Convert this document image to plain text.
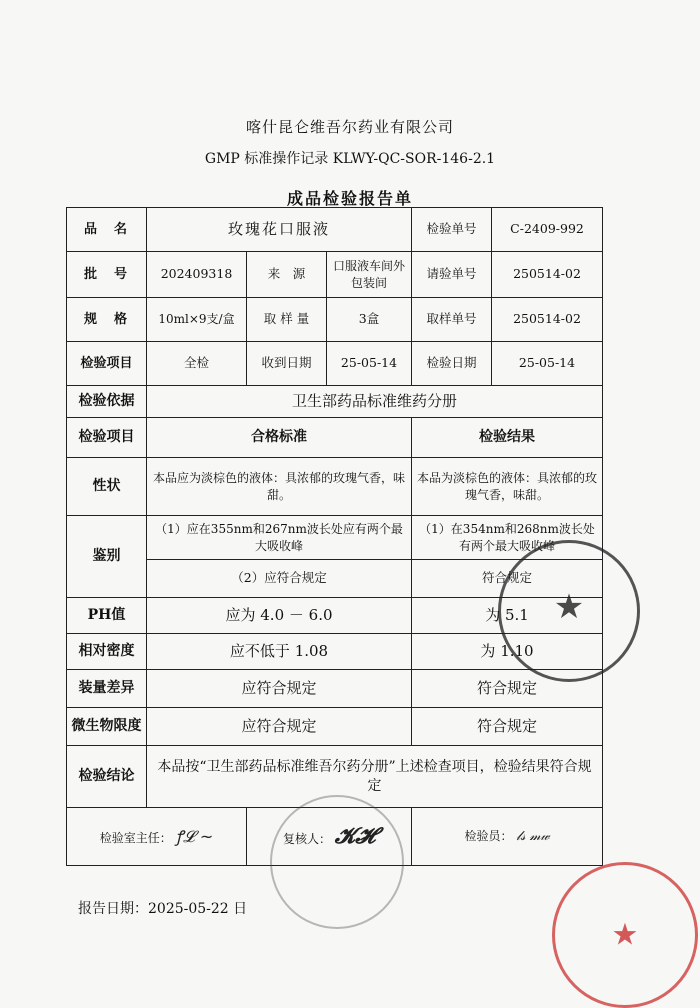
喀什昆仑维吾尔药业有限公司
GMP 标准操作记录 KLWY-QC-SOR-146-2.1
成品检验报告单
品　名	玫瑰花口服液			检验单号	C-2409-992
批　号	202409318	来　源	口服液车间外包装间	请验单号	250514-02
规　格	10ml×9支/盒	取 样 量	3盒	取样单号	250514-02
检验项目	全检	收到日期	25-05-14	检验日期	25-05-14
检验依据	卫生部药品标准维药分册				
检验项目	合格标准			检验结果	
性状	本品应为淡棕色的液体：具浓郁的玫瑰气香，味甜。			本品为淡棕色的液体：具浓郁的玫瑰气香，味甜。	
鉴别	（1）应在355nm和267nm波长处应有两个最大吸收峰			（1）在354nm和268nm波长处有两个最大吸收峰	
	（2）应符合规定			符合规定	
PH值	应为 4.0 － 6.0			为 5.1	
相对密度	应不低于 1.08			为 1.10	
装量差异	应符合规定			符合规定	
微生物限度	应符合规定			符合规定	
检验结论	本品按“卫生部药品标准维吾尔药分册”上述检查项目，检验结果符合规定				
检验室主任： ꝭ𝓛 ~		复核人： 𝓚𝓗		检验员： 𝓁𝓈 𝓂𝓌	
报告日期：2025-05-22 日
★
★
